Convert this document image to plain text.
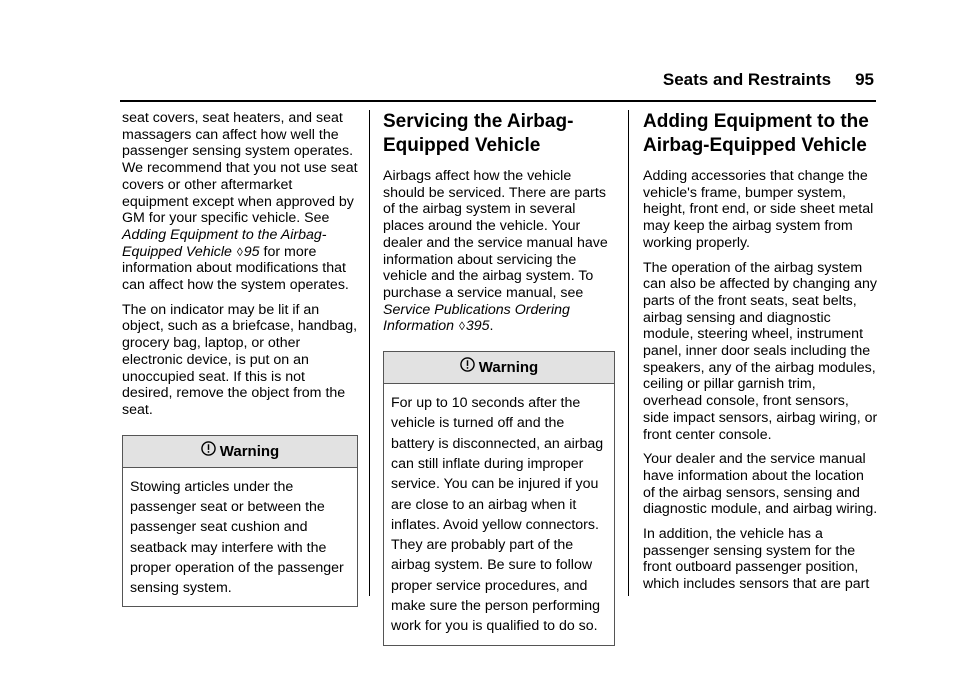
Seats and Restraints 95

seat covers, seat heaters, and seat massagers can affect how well the passenger sensing system operates. We recommend that you not use seat covers or other aftermarket equipment except when approved by GM for your specific vehicle. See Adding Equipment to the Airbag-Equipped Vehicle ◊95 for more information about modifications that can affect how the system operates.

The on indicator may be lit if an object, such as a briefcase, handbag, grocery bag, laptop, or other electronic device, is put on an unoccupied seat. If this is not desired, remove the object from the seat.

Warning
Stowing articles under the passenger seat or between the passenger seat cushion and seatback may interfere with the proper operation of the passenger sensing system.
Servicing the Airbag-Equipped Vehicle

Airbags affect how the vehicle should be serviced. There are parts of the airbag system in several places around the vehicle. Your dealer and the service manual have information about servicing the vehicle and the airbag system. To purchase a service manual, see Service Publications Ordering Information ◊395.

Warning
For up to 10 seconds after the vehicle is turned off and the battery is disconnected, an airbag can still inflate during improper service. You can be injured if you are close to an airbag when it inflates. Avoid yellow connectors. They are probably part of the airbag system. Be sure to follow proper service procedures, and make sure the person performing work for you is qualified to do so.
Adding Equipment to the Airbag-Equipped Vehicle

Adding accessories that change the vehicle's frame, bumper system, height, front end, or side sheet metal may keep the airbag system from working properly.

The operation of the airbag system can also be affected by changing any parts of the front seats, seat belts, airbag sensing and diagnostic module, steering wheel, instrument panel, inner door seals including the speakers, any of the airbag modules, ceiling or pillar garnish trim, overhead console, front sensors, side impact sensors, airbag wiring, or front center console.

Your dealer and the service manual have information about the location of the airbag sensors, sensing and diagnostic module, and airbag wiring.

In addition, the vehicle has a passenger sensing system for the front outboard passenger position, which includes sensors that are part
